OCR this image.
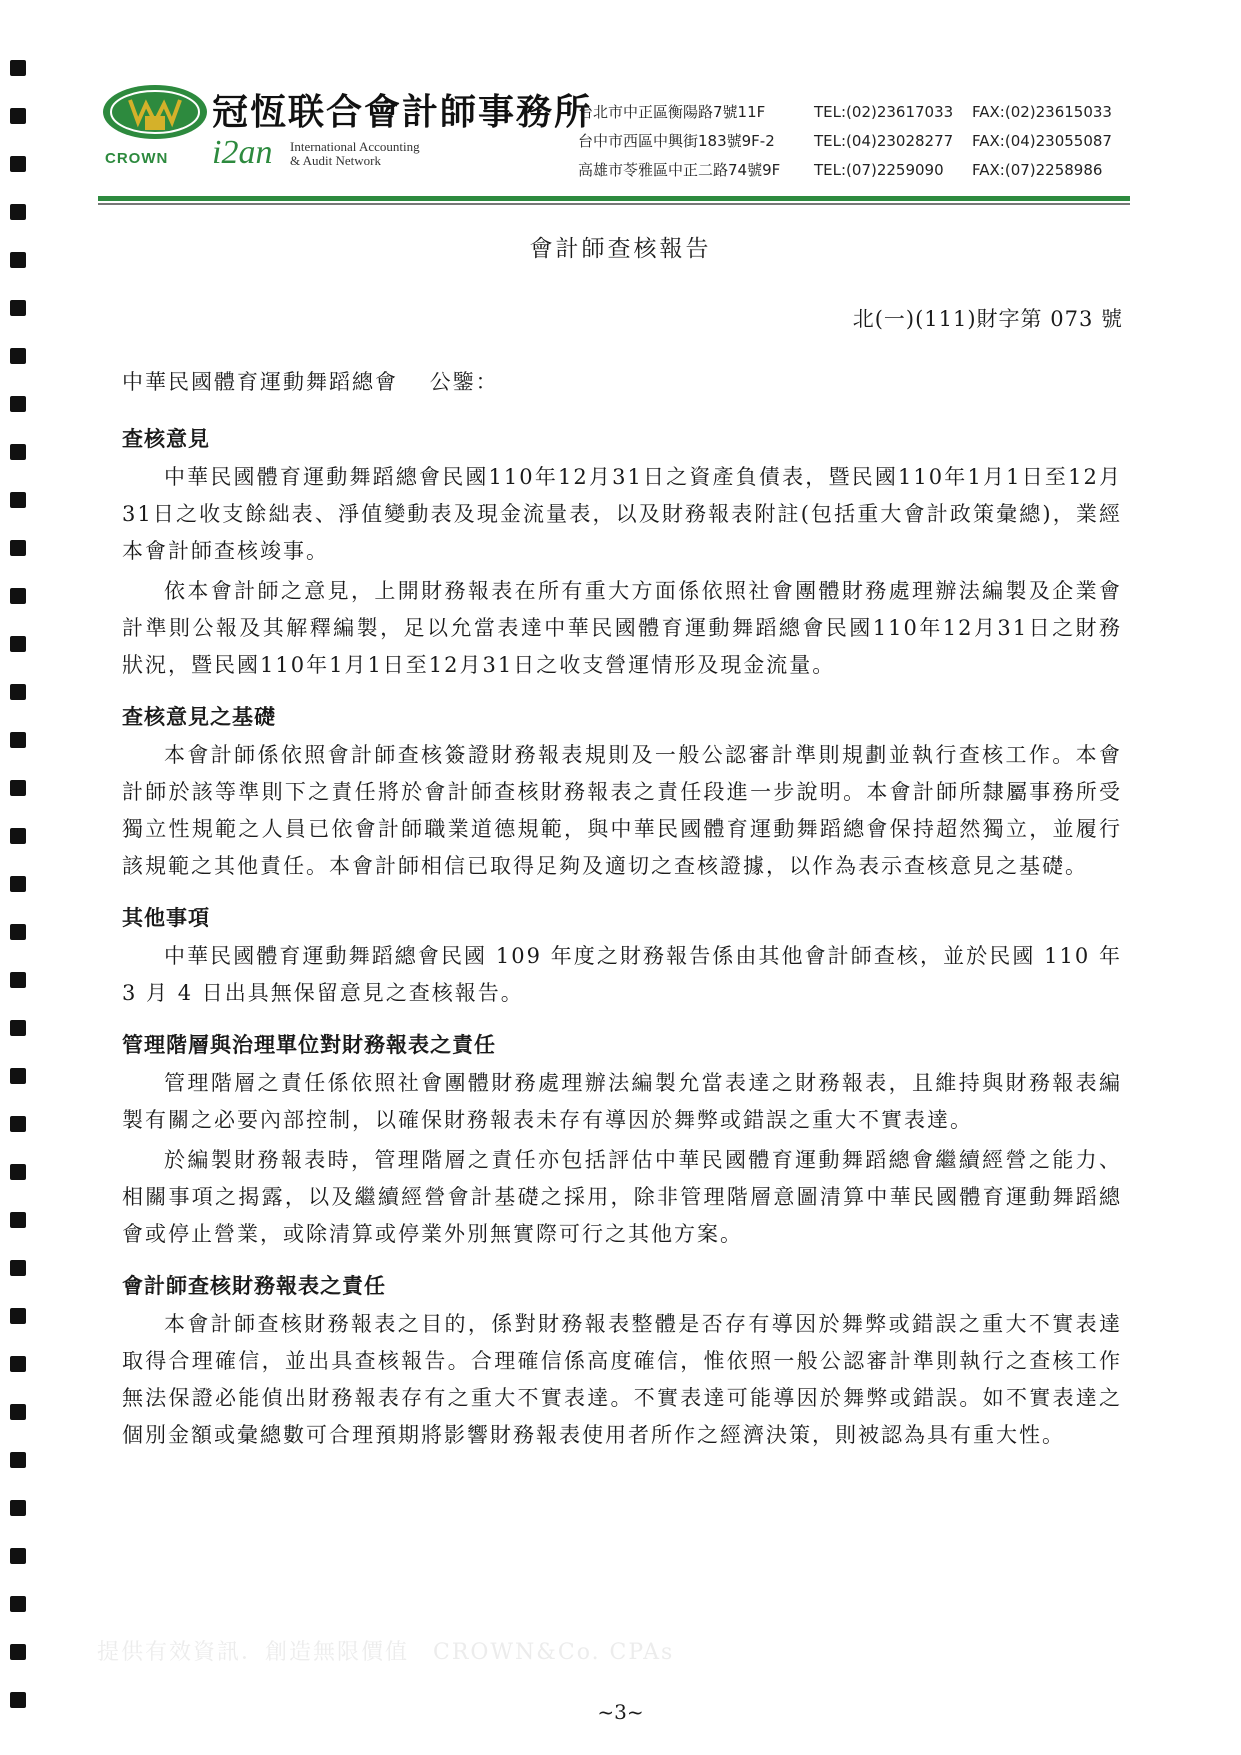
CROWN
冠恆联合會計師事務所
i2an International Accounting
& Audit Network
台北市中正區衡陽路7號11F	TEL:(02)23617033	FAX:(02)23615033
台中市西區中興街183號9F-2	TEL:(04)23028277	FAX:(04)23055087
高雄市苓雅區中正二路74號9F	TEL:(07)2259090	FAX:(07)2258986
會計師查核報告
北(一)(111)財字第 073 號
中華民國體育運動舞蹈總會　 公鑒：
查核意見

中華民國體育運動舞蹈總會民國110年12月31日之資產負債表，暨民國110年1月1日至12月31日之收支餘絀表、淨值變動表及現金流量表，以及財務報表附註(包括重大會計政策彙總)，業經本會計師查核竣事。

依本會計師之意見，上開財務報表在所有重大方面係依照社會團體財務處理辦法編製及企業會計準則公報及其解釋編製，足以允當表達中華民國體育運動舞蹈總會民國110年12月31日之財務狀況，暨民國110年1月1日至12月31日之收支營運情形及現金流量。

查核意見之基礎

本會計師係依照會計師查核簽證財務報表規則及一般公認審計準則規劃並執行查核工作。本會計師於該等準則下之責任將於會計師查核財務報表之責任段進一步說明。本會計師所隸屬事務所受獨立性規範之人員已依會計師職業道德規範，與中華民國體育運動舞蹈總會保持超然獨立，並履行該規範之其他責任。本會計師相信已取得足夠及適切之查核證據，以作為表示查核意見之基礎。

其他事項

中華民國體育運動舞蹈總會民國 109 年度之財務報告係由其他會計師查核，並於民國 110 年 3 月 4 日出具無保留意見之查核報告。

管理階層與治理單位對財務報表之責任

管理階層之責任係依照社會團體財務處理辦法編製允當表達之財務報表，且維持與財務報表編製有關之必要內部控制，以確保財務報表未存有導因於舞弊或錯誤之重大不實表達。

於編製財務報表時，管理階層之責任亦包括評估中華民國體育運動舞蹈總會繼續經營之能力、相關事項之揭露，以及繼續經營會計基礎之採用，除非管理階層意圖清算中華民國體育運動舞蹈總會或停止營業，或除清算或停業外別無實際可行之其他方案。

會計師查核財務報表之責任

本會計師查核財務報表之目的，係對財務報表整體是否存有導因於舞弊或錯誤之重大不實表達取得合理確信，並出具查核報告。合理確信係高度確信，惟依照一般公認審計準則執行之查核工作無法保證必能偵出財務報表存有之重大不實表達。不實表達可能導因於舞弊或錯誤。如不實表達之個別金額或彙總數可合理預期將影響財務報表使用者所作之經濟決策，則被認為具有重大性。

提供有效資訊．創造無限價值　CROWN&Co. CPAs
~3~
